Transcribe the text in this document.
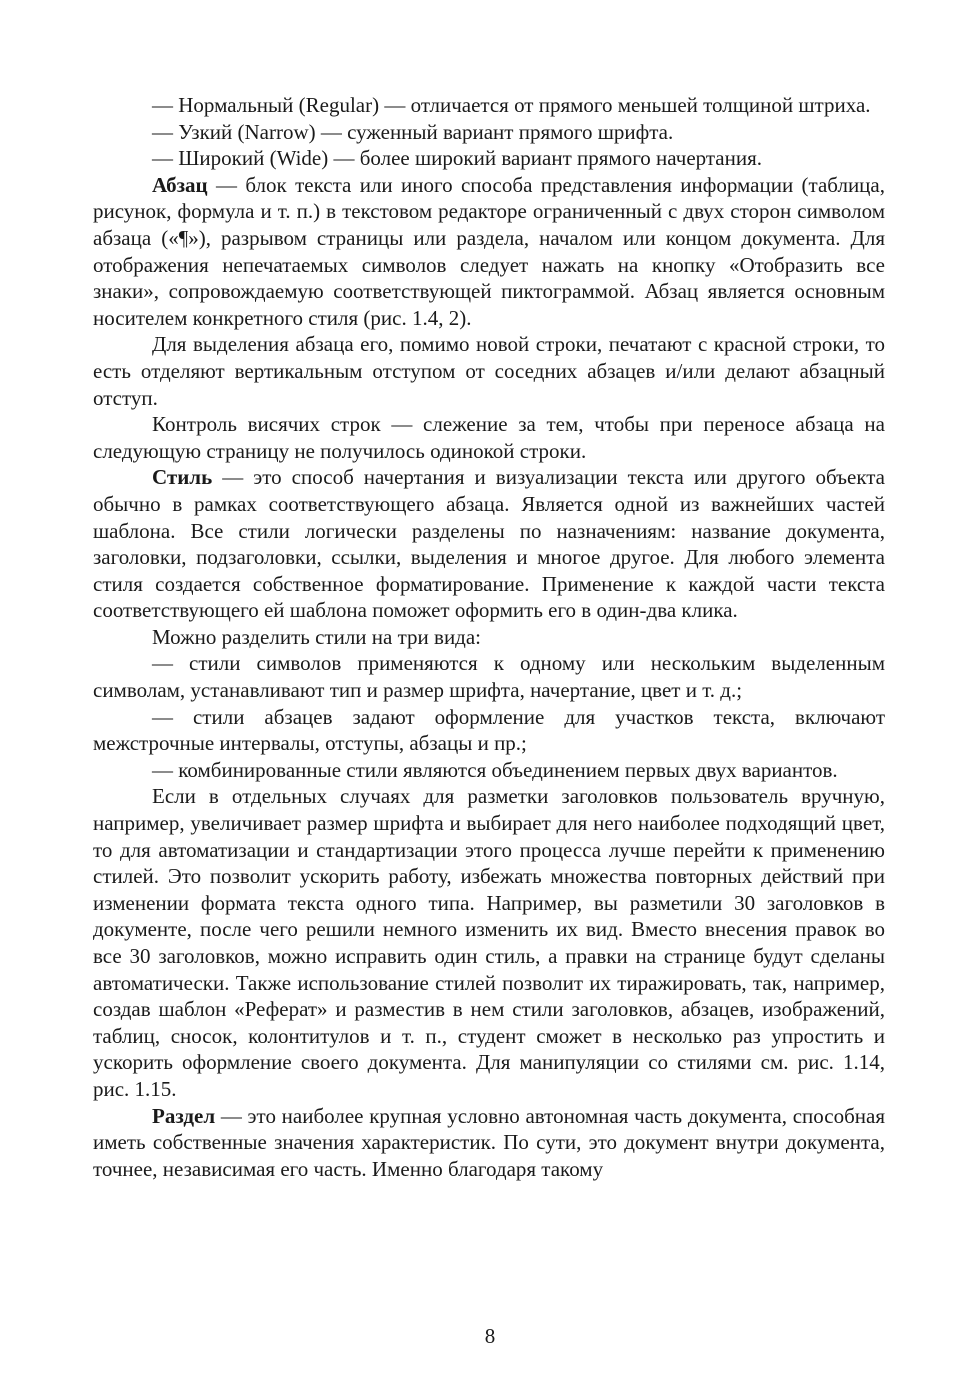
— Нормальный (Regular) — отличается от прямого меньшей толщиной штриха.

— Узкий (Narrow) — суженный вариант прямого шрифта.

— Широкий (Wide) — более широкий вариант прямого начертания.

Абзац — блок текста или иного способа представления информации (таблица, рисунок, формула и т. п.) в текстовом редакторе ограниченный с двух сторон символом абзаца («¶»), разрывом страницы или раздела, началом или концом документа. Для отображения непечатаемых символов следует нажать на кнопку «Отобразить все знаки», сопровождаемую соответствующей пиктограммой. Абзац является основным носителем конкретного стиля (рис. 1.4, 2).

Для выделения абзаца его, помимо новой строки, печатают с красной строки, то есть отделяют вертикальным отступом от соседних абзацев и/или делают абзацный отступ.

Контроль висячих строк — слежение за тем, чтобы при переносе абзаца на следующую страницу не получилось одинокой строки.

Стиль — это способ начертания и визуализации текста или другого объекта обычно в рамках соответствующего абзаца. Является одной из важнейших частей шаблона. Все стили логически разделены по назначениям: название документа, заголовки, подзаголовки, ссылки, выделения и многое другое. Для любого элемента стиля создается собственное форматирование. Применение к каждой части текста соответствующего ей шаблона поможет оформить его в один-два клика.

Можно разделить стили на три вида:

— стили символов применяются к одному или нескольким выделенным символам, устанавливают тип и размер шрифта, начертание, цвет и т. д.;

— стили абзацев задают оформление для участков текста, включают межстрочные интервалы, отступы, абзацы и пр.;

— комбинированные стили являются объединением первых двух вариантов.

Если в отдельных случаях для разметки заголовков пользователь вручную, например, увеличивает размер шрифта и выбирает для него наиболее подходящий цвет, то для автоматизации и стандартизации этого процесса лучше перейти к применению стилей. Это позволит ускорить работу, избежать множества повторных действий при изменении формата текста одного типа. Например, вы разметили 30 заголовков в документе, после чего решили немного изменить их вид. Вместо внесения правок во все 30 заголовков, можно исправить один стиль, а правки на странице будут сделаны автоматически. Также использование стилей позволит их тиражировать, так, например, создав шаблон «Реферат» и разместив в нем стили заголовков, абзацев, изображений, таблиц, сносок, колонтитулов и т. п., студент сможет в несколько раз упростить и ускорить оформление своего документа. Для манипуляции со стилями см. рис. 1.14, рис. 1.15.

Раздел — это наиболее крупная условно автономная часть документа, способная иметь собственные значения характеристик. По сути, это документ внутри документа, точнее, независимая его часть. Именно благодаря такому

8
